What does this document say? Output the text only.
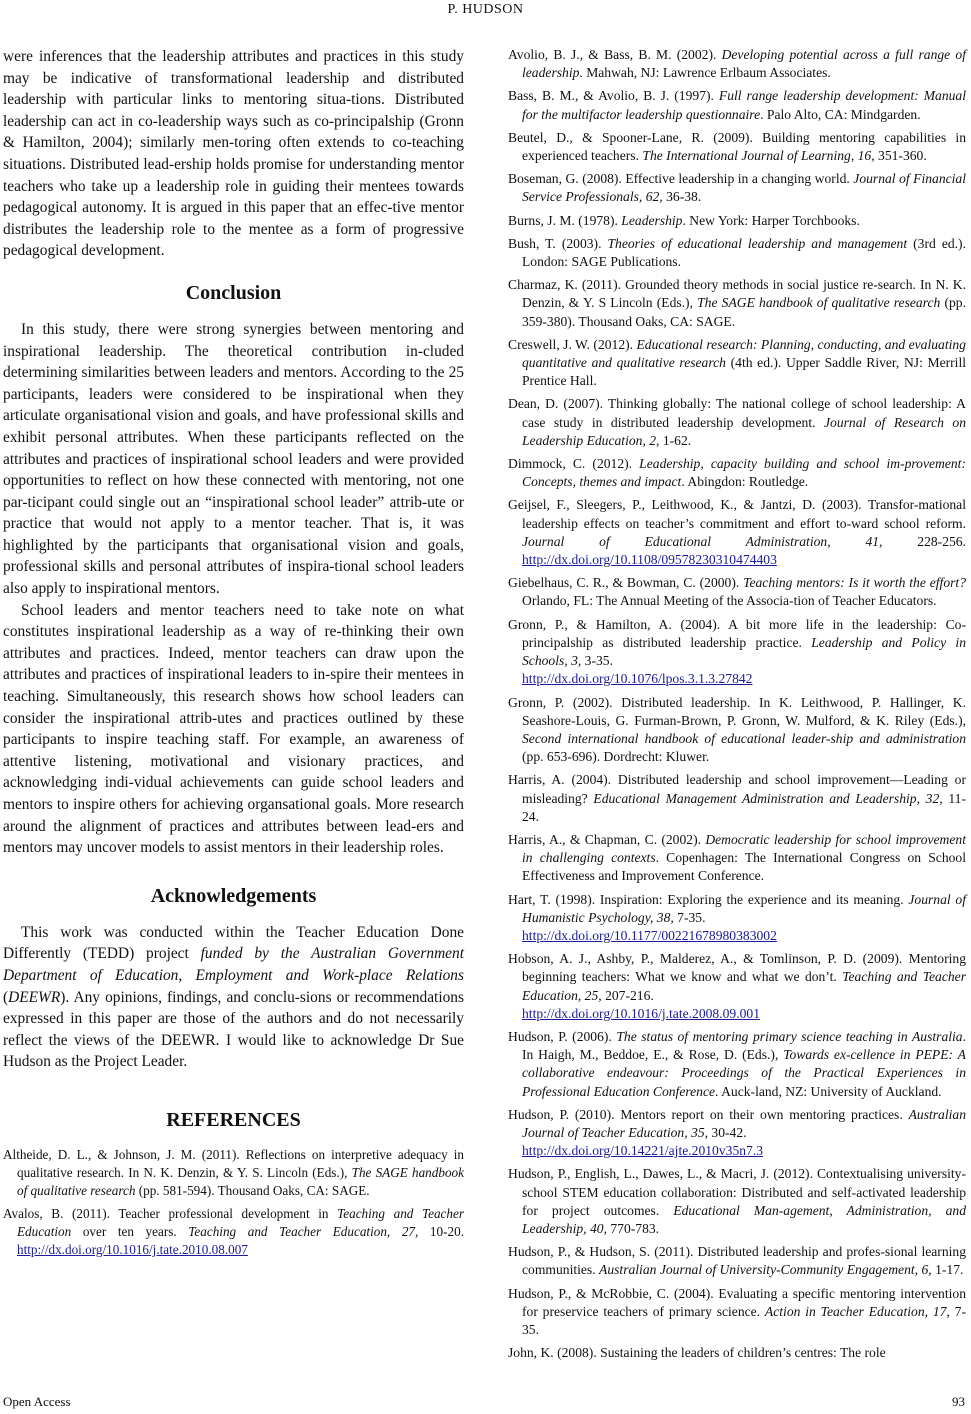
P. HUDSON

were inferences that the leadership attributes and practices in this study may be indicative of transformational leadership and distributed leadership with particular links to mentoring situa-tions. Distributed leadership can act in co-leadership ways such as co-principalship (Gronn & Hamilton, 2004); similarly men-toring often extends to co-teaching situations. Distributed lead-ership holds promise for understanding mentor teachers who take up a leadership role in guiding their mentees towards pedagogical autonomy. It is argued in this paper that an effec-tive mentor distributes the leadership role to the mentee as a form of progressive pedagogical development.

Conclusion

In this study, there were strong synergies between mentoring and inspirational leadership. The theoretical contribution in-cluded determining similarities between leaders and mentors. According to the 25 participants, leaders were considered to be inspirational when they articulate organisational vision and goals, and have professional skills and exhibit personal attributes. When these participants reflected on the attributes and practices of inspirational school leaders and were provided opportunities to reflect on how these connected with mentoring, not one par-ticipant could single out an “inspirational school leader” attrib-ute or practice that would not apply to a mentor teacher. That is, it was highlighted by the participants that organisational vision and goals, professional skills and personal attributes of inspira-tional school leaders also apply to inspirational mentors.

School leaders and mentor teachers need to take note on what constitutes inspirational leadership as a way of re-thinking their own attributes and practices. Indeed, mentor teachers can draw upon the attributes and practices of inspirational leaders to in-spire their mentees in teaching. Simultaneously, this research shows how school leaders can consider the inspirational attrib-utes and practices outlined by these participants to inspire teaching staff. For example, an awareness of attentive listening, motivational and visionary practices, and acknowledging indi-vidual achievements can guide school leaders and mentors to inspire others for achieving organsational goals. More research around the alignment of practices and attributes between lead-ers and mentors may uncover models to assist mentors in their leadership roles.

Acknowledgements

This work was conducted within the Teacher Education Done Differently (TEDD) project funded by the Australian Government Department of Education, Employment and Work-place Relations (DEEWR). Any opinions, findings, and conclu-sions or recommendations expressed in this paper are those of the authors and do not necessarily reflect the views of the DEEWR. I would like to acknowledge Dr Sue Hudson as the Project Leader.

REFERENCES

Altheide, D. L., & Johnson, J. M. (2011). Reflections on interpretive adequacy in qualitative research. In N. K. Denzin, & Y. S. Lincoln (Eds.), The SAGE handbook of qualitative research (pp. 581-594). Thousand Oaks, CA: SAGE.

Avalos, B. (2011). Teacher professional development in Teaching and Teacher Education over ten years. Teaching and Teacher Education, 27, 10-20. http://dx.doi.org/10.1016/j.tate.2010.08.007

Avolio, B. J., & Bass, B. M. (2002). Developing potential across a full range of leadership. Mahwah, NJ: Lawrence Erlbaum Associates.

Bass, B. M., & Avolio, B. J. (1997). Full range leadership development: Manual for the multifactor leadership questionnaire. Palo Alto, CA: Mindgarden.

Beutel, D., & Spooner-Lane, R. (2009). Building mentoring capabilities in experienced teachers. The International Journal of Learning, 16, 351-360.

Boseman, G. (2008). Effective leadership in a changing world. Journal of Financial Service Professionals, 62, 36-38.

Burns, J. M. (1978). Leadership. New York: Harper Torchbooks.

Bush, T. (2003). Theories of educational leadership and management (3rd ed.). London: SAGE Publications.

Charmaz, K. (2011). Grounded theory methods in social justice re-search. In N. K. Denzin, & Y. S Lincoln (Eds.), The SAGE handbook of qualitative research (pp. 359-380). Thousand Oaks, CA: SAGE.

Creswell, J. W. (2012). Educational research: Planning, conducting, and evaluating quantitative and qualitative research (4th ed.). Upper Saddle River, NJ: Merrill Prentice Hall.

Dean, D. (2007). Thinking globally: The national college of school leadership: A case study in distributed leadership development. Journal of Research on Leadership Education, 2, 1-62.

Dimmock, C. (2012). Leadership, capacity building and school im-provement: Concepts, themes and impact. Abingdon: Routledge.

Geijsel, F., Sleegers, P., Leithwood, K., & Jantzi, D. (2003). Transfor-mational leadership effects on teacher’s commitment and effort to-ward school reform. Journal of Educational Administration, 41, 228-256. http://dx.doi.org/10.1108/09578230310474403

Giebelhaus, C. R., & Bowman, C. (2000). Teaching mentors: Is it worth the effort? Orlando, FL: The Annual Meeting of the Associa-tion of Teacher Educators.

Gronn, P., & Hamilton, A. (2004). A bit more life in the leadership: Co-principalship as distributed leadership practice. Leadership and Policy in Schools, 3, 3-35.
http://dx.doi.org/10.1076/lpos.3.1.3.27842

Gronn, P. (2002). Distributed leadership. In K. Leithwood, P. Hallinger, K. Seashore-Louis, G. Furman-Brown, P. Gronn, W. Mulford, & K. Riley (Eds.), Second international handbook of educational leader-ship and administration (pp. 653-696). Dordrecht: Kluwer.

Harris, A. (2004). Distributed leadership and school improvement—Leading or misleading? Educational Management Administration and Leadership, 32, 11-24.

Harris, A., & Chapman, C. (2002). Democratic leadership for school improvement in challenging contexts. Copenhagen: The International Congress on School Effectiveness and Improvement Conference.

Hart, T. (1998). Inspiration: Exploring the experience and its meaning. Journal of Humanistic Psychology, 38, 7-35.
http://dx.doi.org/10.1177/00221678980383002

Hobson, A. J., Ashby, P., Malderez, A., & Tomlinson, P. D. (2009). Mentoring beginning teachers: What we know and what we don’t. Teaching and Teacher Education, 25, 207-216.
http://dx.doi.org/10.1016/j.tate.2008.09.001

Hudson, P. (2006). The status of mentoring primary science teaching in Australia. In Haigh, M., Beddoe, E., & Rose, D. (Eds.), Towards ex-cellence in PEPE: A collaborative endeavour: Proceedings of the Practical Experiences in Professional Education Conference. Auck-land, NZ: University of Auckland.

Hudson, P. (2010). Mentors report on their own mentoring practices. Australian Journal of Teacher Education, 35, 30-42.
http://dx.doi.org/10.14221/ajte.2010v35n7.3

Hudson, P., English, L., Dawes, L., & Macri, J. (2012). Contextualising university-school STEM education collaboration: Distributed and self-activated leadership for project outcomes. Educational Man-agement, Administration, and Leadership, 40, 770-783.

Hudson, P., & Hudson, S. (2011). Distributed leadership and profes-sional learning communities. Australian Journal of University-Community Engagement, 6, 1-17.

Hudson, P., & McRobbie, C. (2004). Evaluating a specific mentoring intervention for preservice teachers of primary science. Action in Teacher Education, 17, 7-35.

John, K. (2008). Sustaining the leaders of children’s centres: The role

Open Access	93
